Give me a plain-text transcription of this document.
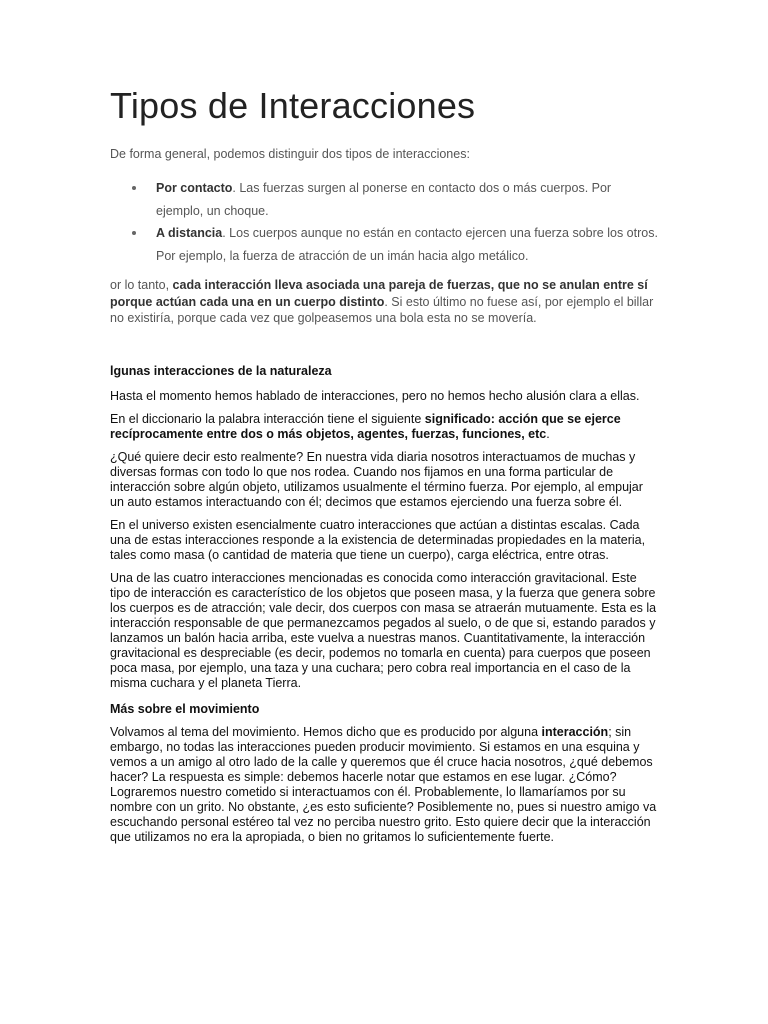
Tipos de Interacciones

De forma general, podemos distinguir dos tipos de interacciones:

Por contacto. Las fuerzas surgen al ponerse en contacto dos o más cuerpos. Por ejemplo, un choque.
A distancia. Los cuerpos aunque no están en contacto ejercen una fuerza sobre los otros. Por ejemplo, la fuerza de atracción de un imán hacia algo metálico.

or lo tanto, cada interacción lleva asociada una pareja de fuerzas, que no se anulan entre sí porque actúan cada una en un cuerpo distinto. Si esto último no fuese así, por ejemplo el billar no existiría, porque cada vez que golpeasemos una bola esta no se movería.

lgunas interacciones de la naturaleza

Hasta el momento hemos hablado de interacciones, pero no hemos hecho alusión clara a ellas.

En el diccionario la palabra interacción tiene el siguiente significado: acción que se ejerce recíprocamente entre dos o más objetos, agentes, fuerzas, funciones, etc.

¿Qué quiere decir esto realmente? En nuestra vida diaria nosotros interactuamos de muchas y diversas formas con todo lo que nos rodea. Cuando nos fijamos en una forma particular de interacción sobre algún objeto, utilizamos usualmente el término fuerza. Por ejemplo, al empujar un auto estamos interactuando con él; decimos que estamos ejerciendo una fuerza sobre él.

En el universo existen esencialmente cuatro interacciones que actúan a distintas escalas. Cada una de estas interacciones responde a la existencia de determinadas propiedades en la materia, tales como masa (o cantidad de materia que tiene un cuerpo), carga eléctrica, entre otras.

Una de las cuatro interacciones mencionadas es conocida como interacción gravitacional. Este tipo de interacción es característico de los objetos que poseen masa, y la fuerza que genera sobre los cuerpos es de atracción; vale decir, dos cuerpos con masa se atraerán mutuamente. Esta es la interacción responsable de que permanezcamos pegados al suelo, o de que si, estando parados y lanzamos un balón hacia arriba, este vuelva a nuestras manos. Cuantitativamente, la interacción gravitacional es despreciable (es decir, podemos no tomarla en cuenta) para cuerpos que poseen poca masa, por ejemplo, una taza y una cuchara; pero cobra real importancia en el caso de la misma cuchara y el planeta Tierra.

Más sobre el movimiento

Volvamos al tema del movimiento. Hemos dicho que es producido por alguna interacción; sin embargo, no todas las interacciones pueden producir movimiento. Si estamos en una esquina y vemos a un amigo al otro lado de la calle y queremos que él cruce hacia nosotros, ¿qué debemos hacer? La respuesta es simple: debemos hacerle notar que estamos en ese lugar. ¿Cómo? Lograremos nuestro cometido si interactuamos con él. Probablemente, lo llamaríamos por su nombre con un grito. No obstante, ¿es esto suficiente? Posiblemente no, pues si nuestro amigo va escuchando personal estéreo tal vez no perciba nuestro grito. Esto quiere decir que la interacción que utilizamos no era la apropiada, o bien no gritamos lo suficientemente fuerte.
